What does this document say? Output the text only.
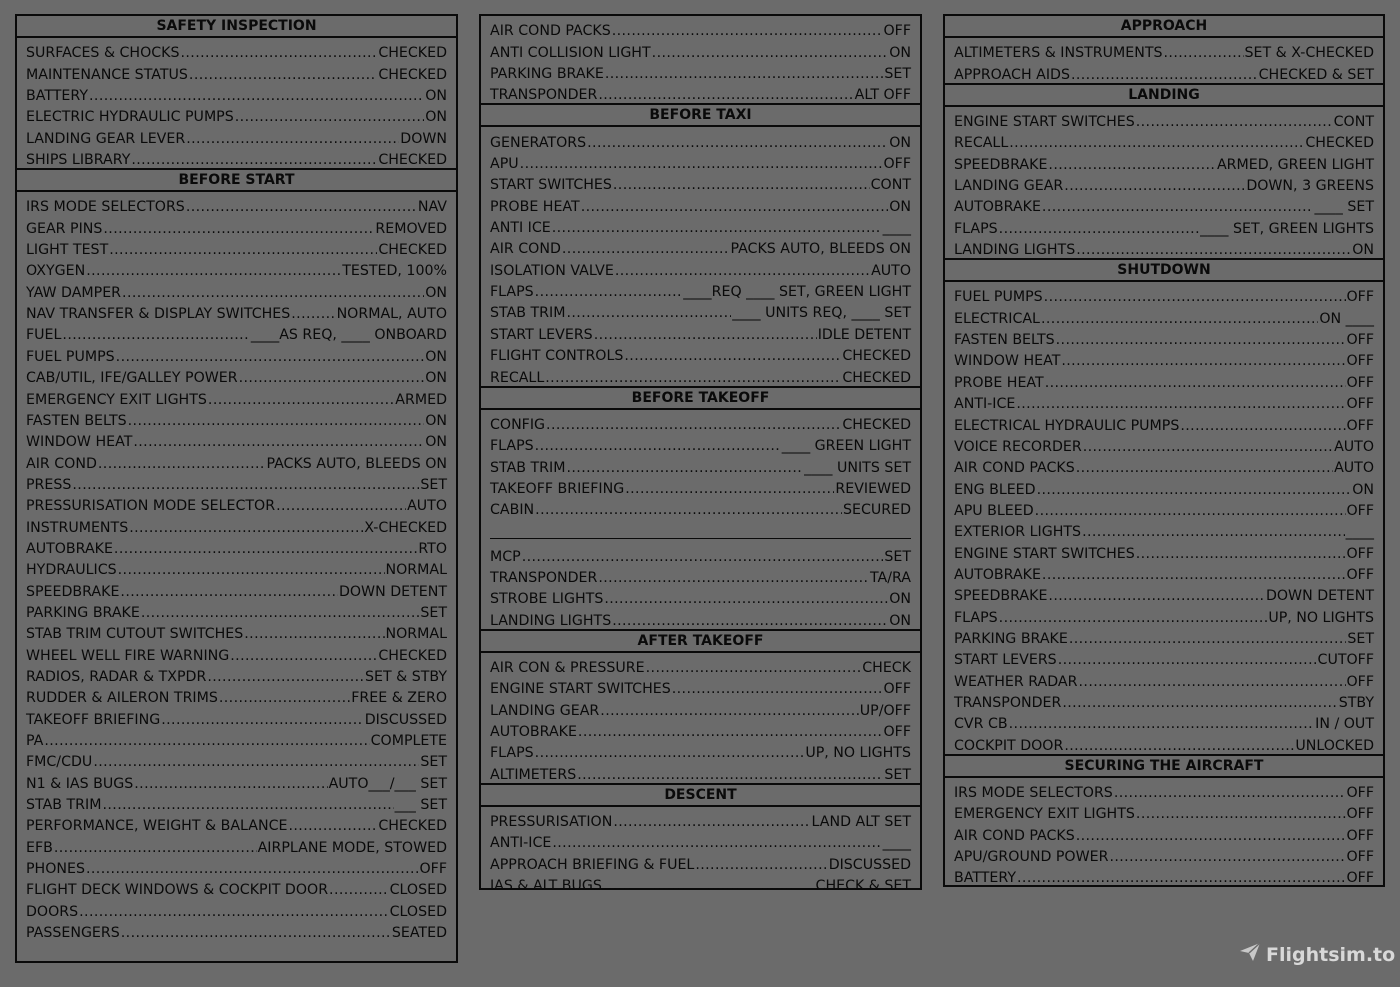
SAFETY INSPECTION
SURFACES & CHOCKS .....	CHECKED
MAINTENANCE STATUS .....	CHECKED
BATTERY .....	ON
ELECTRIC HYDRAULIC PUMPS .....	ON
LANDING GEAR LEVER .....	DOWN
SHIPS LIBRARY .....	CHECKED
BEFORE START
IRS MODE SELECTORS .....	NAV
GEAR PINS .....	REMOVED
LIGHT TEST .....	CHECKED
OXYGEN .....	TESTED, 100%
YAW DAMPER .....	ON
NAV TRANSFER & DISPLAY SWITCHES .....	NORMAL, AUTO
FUEL .....	____AS REQ, ____ ONBOARD
FUEL PUMPS .....	ON
CAB/UTIL, IFE/GALLEY POWER .....	ON
EMERGENCY EXIT LIGHTS .....	ARMED
FASTEN BELTS .....	ON
WINDOW HEAT .....	ON
AIR COND .....	PACKS AUTO, BLEEDS ON
PRESS .....	SET
PRESSURISATION MODE SELECTOR .....	AUTO
INSTRUMENTS .....	X-CHECKED
AUTOBRAKE .....	RTO
HYDRAULICS .....	NORMAL
SPEEDBRAKE .....	DOWN DETENT
PARKING BRAKE .....	SET
STAB TRIM CUTOUT SWITCHES .....	NORMAL
WHEEL WELL FIRE WARNING .....	CHECKED
RADIOS, RADAR & TXPDR .....	SET & STBY
RUDDER & AILERON TRIMS .....	FREE & ZERO
TAKEOFF BRIEFING .....	DISCUSSED
PA .....	COMPLETE
FMC/CDU .....	SET
N1 & IAS BUGS .....	AUTO___/___ SET
STAB TRIM .....	___ SET
PERFORMANCE, WEIGHT & BALANCE .....	CHECKED
EFB .....	AIRPLANE MODE, STOWED
PHONES .....	OFF
FLIGHT DECK WINDOWS & COCKPIT DOOR .....	CLOSED
DOORS .....	CLOSED
PASSENGERS .....	SEATED
AIR COND PACKS .....	OFF
ANTI COLLISION LIGHT .....	ON
PARKING BRAKE .....	SET
TRANSPONDER .....	ALT OFF
BEFORE TAXI
GENERATORS .....	ON
APU .....	OFF
START SWITCHES .....	CONT
PROBE HEAT .....	ON
ANTI ICE .....	____
AIR COND .....	PACKS AUTO, BLEEDS ON
ISOLATION VALVE .....	AUTO
FLAPS .....	____REQ ____ SET, GREEN LIGHT
STAB TRIM .....	____ UNITS REQ, ____ SET
START LEVERS .....	IDLE DETENT
FLIGHT CONTROLS .....	CHECKED
RECALL .....	CHECKED
BEFORE TAKEOFF
CONFIG .....	CHECKED
FLAPS .....	____ GREEN LIGHT
STAB TRIM .....	____ UNITS SET
TAKEOFF BRIEFING .....	REVIEWED
CABIN .....	SECURED
MCP .....	SET
TRANSPONDER .....	TA/RA
STROBE LIGHTS .....	ON
LANDING LIGHTS .....	ON
AFTER TAKEOFF
AIR CON & PRESSURE .....	CHECK
ENGINE START SWITCHES .....	OFF
LANDING GEAR .....	UP/OFF
AUTOBRAKE .....	OFF
FLAPS .....	UP, NO LIGHTS
ALTIMETERS .....	SET
DESCENT
PRESSURISATION .....	LAND ALT SET
ANTI-ICE .....	____
APPROACH BRIEFING & FUEL .....	DISCUSSED
IAS & ALT BUGS .....	CHECK & SET
APPROACH
ALTIMETERS & INSTRUMENTS .....	SET & X-CHECKED
APPROACH AIDS .....	CHECKED & SET
LANDING
ENGINE START SWITCHES .....	CONT
RECALL .....	CHECKED
SPEEDBRAKE .....	ARMED, GREEN LIGHT
LANDING GEAR .....	DOWN, 3 GREENS
AUTOBRAKE .....	____ SET
FLAPS .....	____ SET, GREEN LIGHTS
LANDING LIGHTS .....	ON
SHUTDOWN
FUEL PUMPS .....	OFF
ELECTRICAL .....	ON ____
FASTEN BELTS .....	OFF
WINDOW HEAT .....	OFF
PROBE HEAT .....	OFF
ANTI-ICE .....	OFF
ELECTRICAL HYDRAULIC PUMPS .....	OFF
VOICE RECORDER .....	AUTO
AIR COND PACKS .....	AUTO
ENG BLEED .....	ON
APU BLEED .....	OFF
EXTERIOR LIGHTS .....	____
ENGINE START SWITCHES .....	OFF
AUTOBRAKE .....	OFF
SPEEDBRAKE .....	DOWN DETENT
FLAPS .....	UP, NO LIGHTS
PARKING BRAKE .....	SET
START LEVERS .....	CUTOFF
WEATHER RADAR .....	OFF
TRANSPONDER .....	STBY
CVR CB .....	IN / OUT
COCKPIT DOOR .....	UNLOCKED
SECURING THE AIRCRAFT
IRS MODE SELECTORS .....	OFF
EMERGENCY EXIT LIGHTS .....	OFF
AIR COND PACKS .....	OFF
APU/GROUND POWER .....	OFF
BATTERY .....	OFF
Flightsim.to
